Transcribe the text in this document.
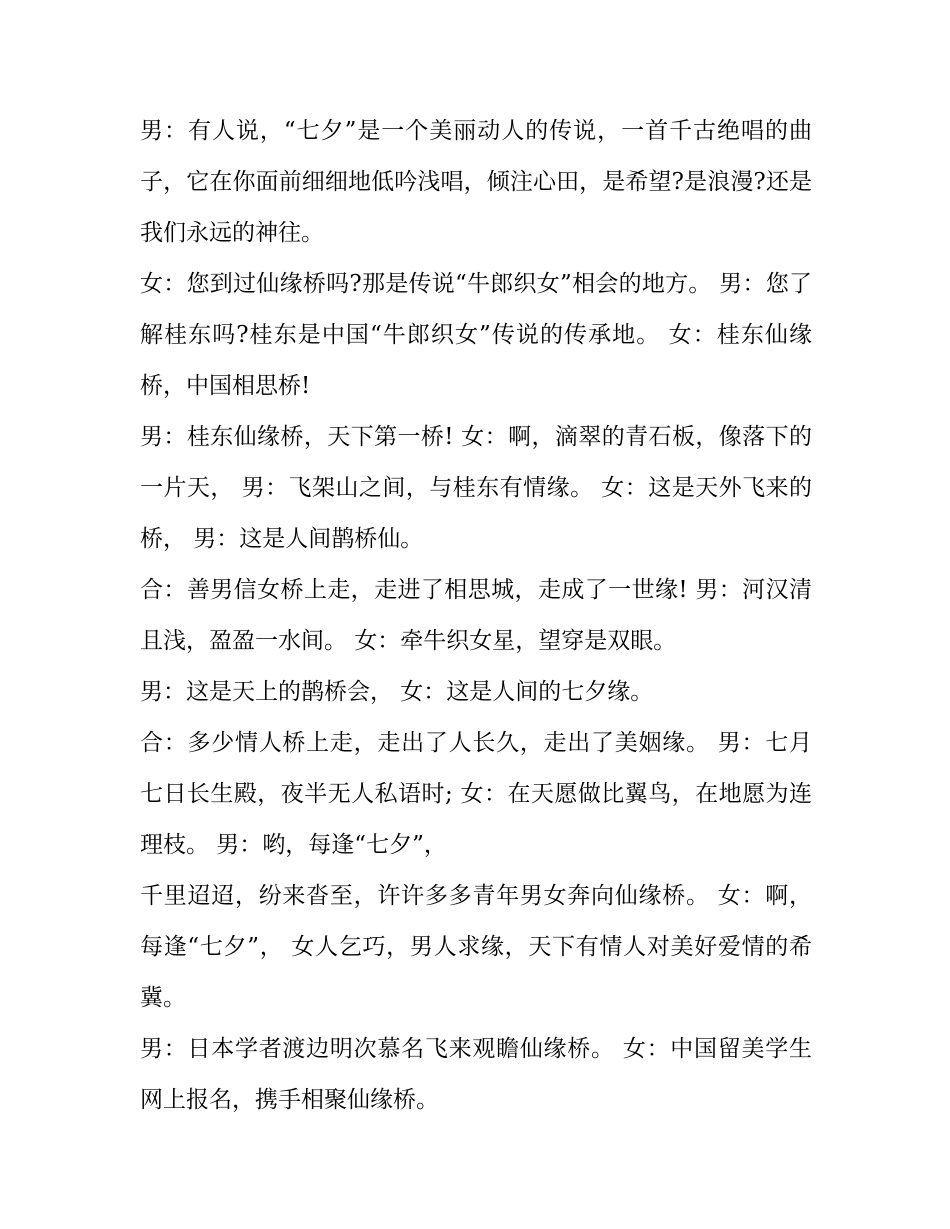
男：有人说，“七夕”是一个美丽动人的传说，一首千古绝唱的曲子，它在你面前细细地低吟浅唱，倾注心田，是希望?是浪漫?还是我们永远的神往。

女：您到过仙缘桥吗?那是传说“牛郎织女”相会的地方。 男：您了解桂东吗?桂东是中国“牛郎织女”传说的传承地。 女：桂东仙缘桥，中国相思桥!

男：桂东仙缘桥，天下第一桥! 女：啊，滴翠的青石板，像落下的一片天， 男：飞架山之间，与桂东有情缘。 女：这是天外飞来的桥， 男：这是人间鹊桥仙。

合：善男信女桥上走，走进了相思城，走成了一世缘! 男：河汉清且浅，盈盈一水间。 女：牵牛织女星，望穿是双眼。

男：这是天上的鹊桥会， 女：这是人间的七夕缘。

合：多少情人桥上走，走出了人长久，走出了美姻缘。 男：七月七日长生殿，夜半无人私语时; 女：在天愿做比翼鸟，在地愿为连理枝。 男：哟，每逢“七夕”，

千里迢迢，纷来沓至，许许多多青年男女奔向仙缘桥。 女：啊，每逢“七夕”， 女人乞巧，男人求缘，天下有情人对美好爱情的希冀。

男：日本学者渡边明次慕名飞来观瞻仙缘桥。 女：中国留美学生网上报名，携手相聚仙缘桥。
